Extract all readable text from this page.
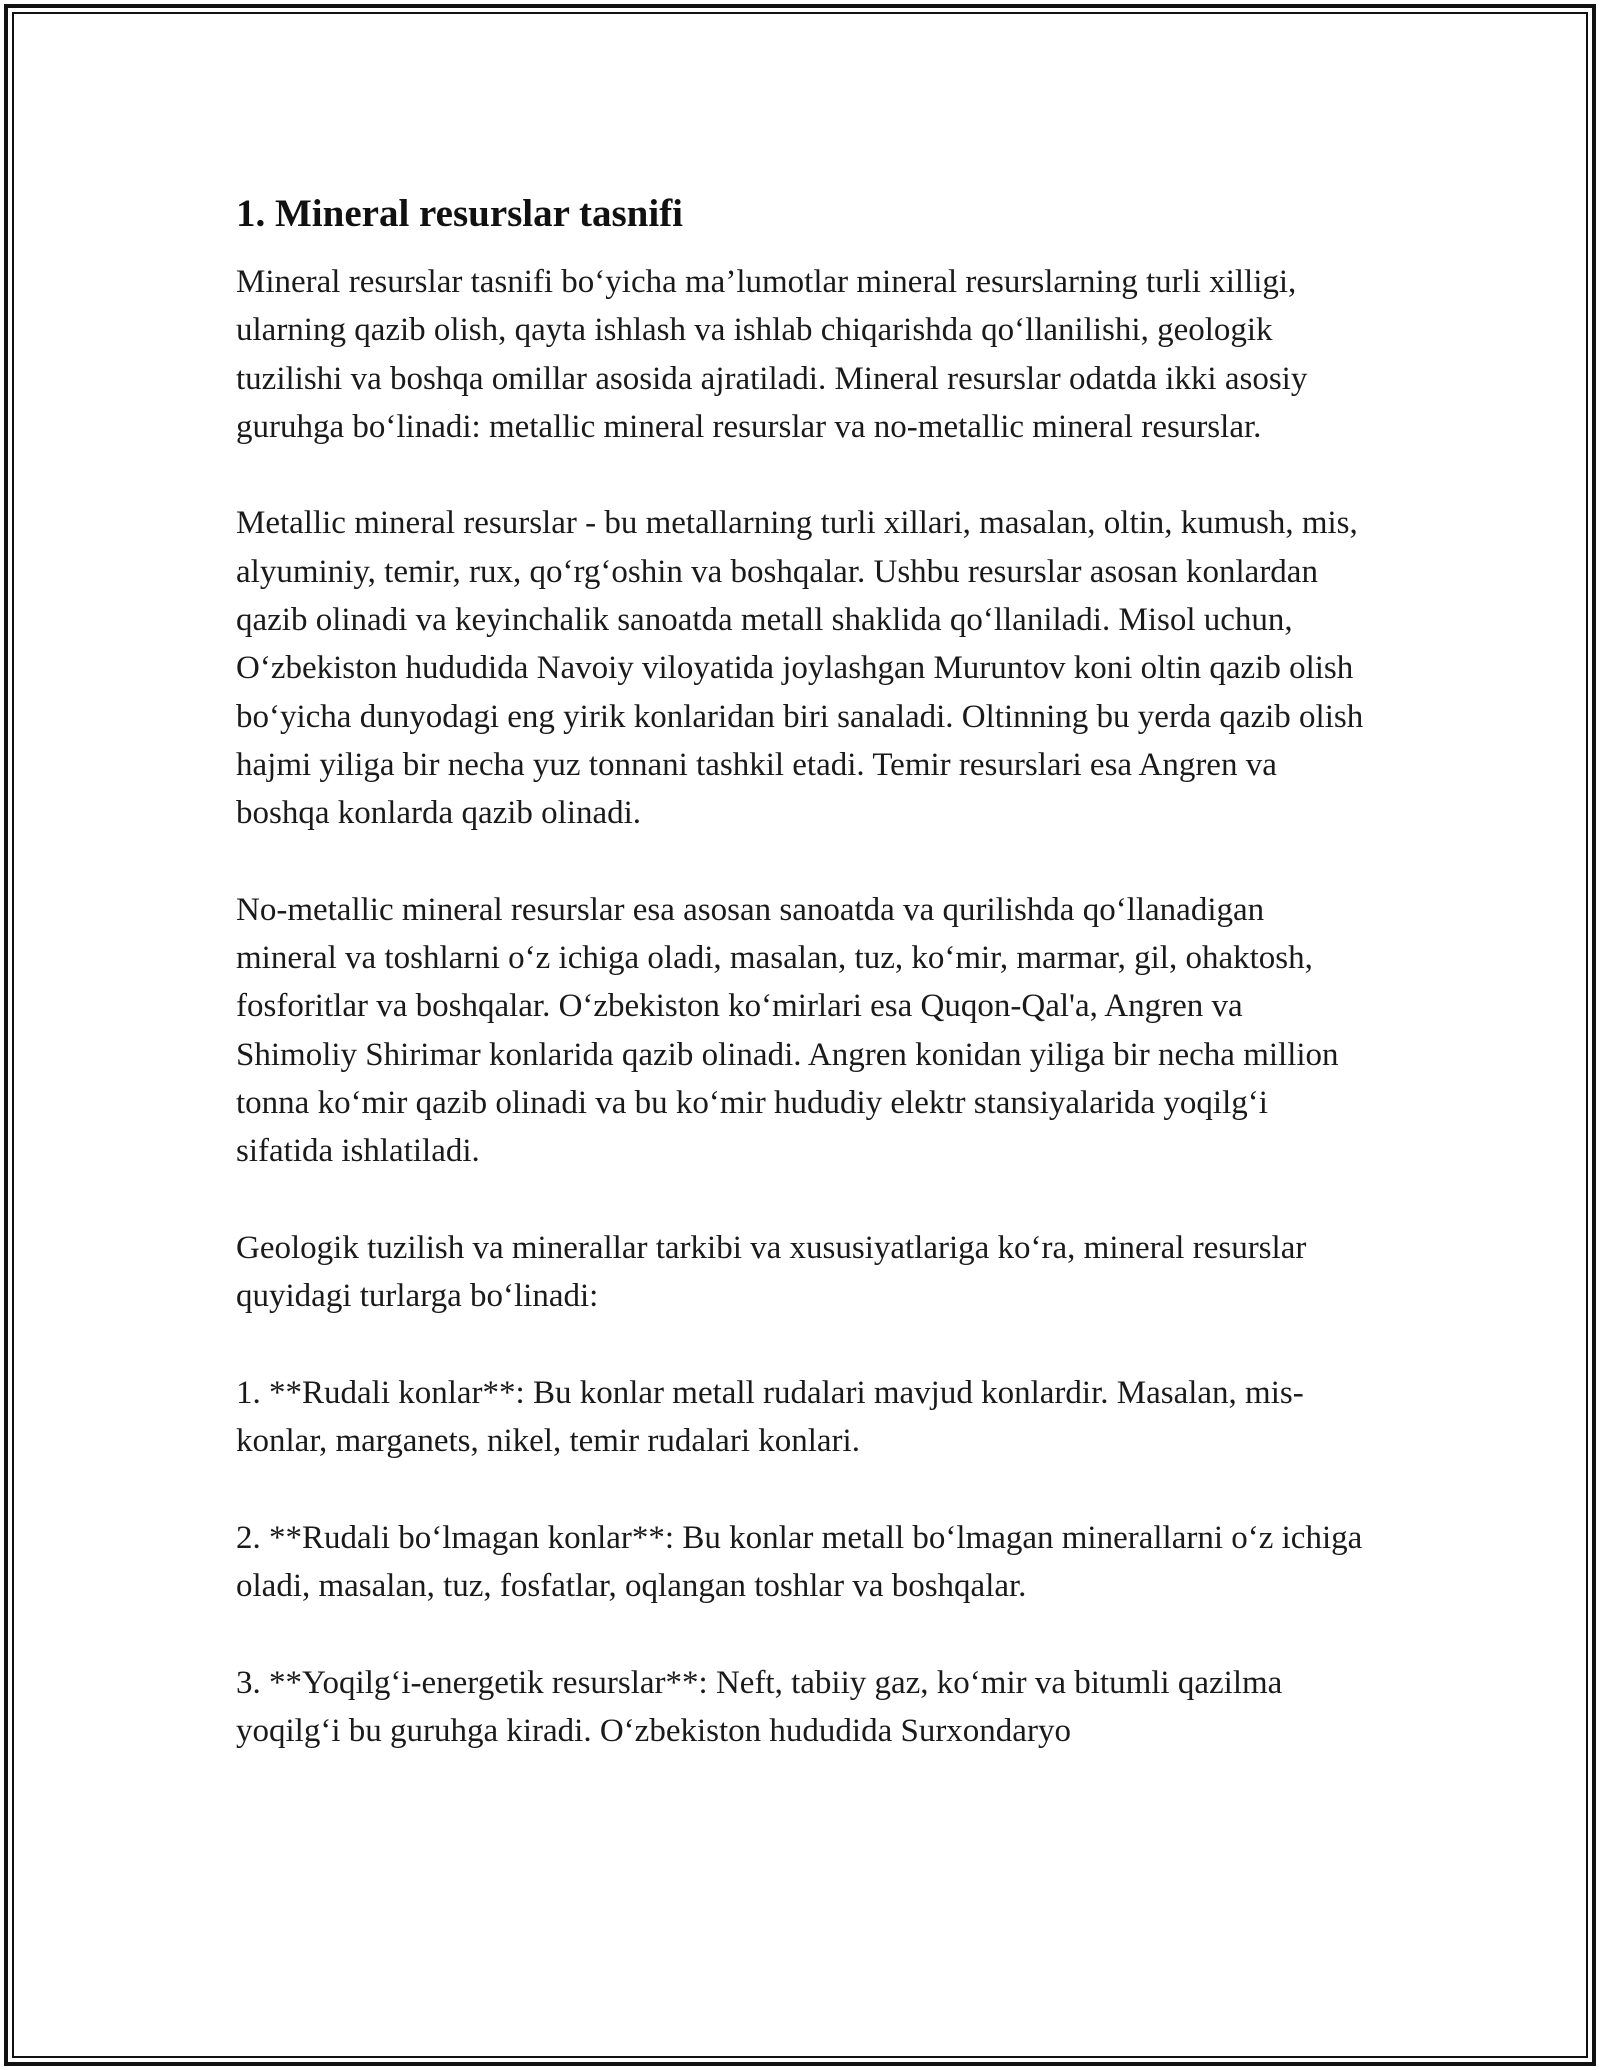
1. Mineral resurslar tasnifi

Mineral resurslar tasnifi bo‘yicha ma’lumotlar mineral resurslarning turli xilligi, ularning qazib olish, qayta ishlash va ishlab chiqarishda qo‘llanilishi, geologik tuzilishi va boshqa omillar asosida ajratiladi. Mineral resurslar odatda ikki asosiy guruhga bo‘linadi: metallic mineral resurslar va no-metallic mineral resurslar.

Metallic mineral resurslar - bu metallarning turli xillari, masalan, oltin, kumush, mis, alyuminiy, temir, rux, qo‘rg‘oshin va boshqalar. Ushbu resurslar asosan konlardan qazib olinadi va keyinchalik sanoatda metall shaklida qo‘llaniladi. Misol uchun, O‘zbekiston hududida Navoiy viloyatida joylashgan Muruntov koni oltin qazib olish bo‘yicha dunyodagi eng yirik konlaridan biri sanaladi. Oltinning bu yerda qazib olish hajmi yiliga bir necha yuz tonnani tashkil etadi. Temir resurslari esa Angren va boshqa konlarda qazib olinadi.

No-metallic mineral resurslar esa asosan sanoatda va qurilishda qo‘llanadigan mineral va toshlarni o‘z ichiga oladi, masalan, tuz, ko‘mir, marmar, gil, ohaktosh, fosforitlar va boshqalar. O‘zbekiston ko‘mirlari esa Quqon-Qal'a, Angren va Shimoliy Shirimar konlarida qazib olinadi. Angren konidan yiliga bir necha million tonna ko‘mir qazib olinadi va bu ko‘mir hududiy elektr stansiyalarida yoqilg‘i sifatida ishlatiladi.

Geologik tuzilish va minerallar tarkibi va xususiyatlariga ko‘ra, mineral resurslar quyidagi turlarga bo‘linadi:

1. **Rudali konlar**: Bu konlar metall rudalari mavjud konlardir. Masalan, mis-konlar, marganets, nikel, temir rudalari konlari.

2. **Rudali bo‘lmagan konlar**: Bu konlar metall bo‘lmagan minerallarni o‘z ichiga oladi, masalan, tuz, fosfatlar, oqlangan toshlar va boshqalar.

3. **Yoqilg‘i-energetik resurslar**: Neft, tabiiy gaz, ko‘mir va bitumli qazilma yoqilg‘i bu guruhga kiradi. O‘zbekiston hududida Surxondaryo
